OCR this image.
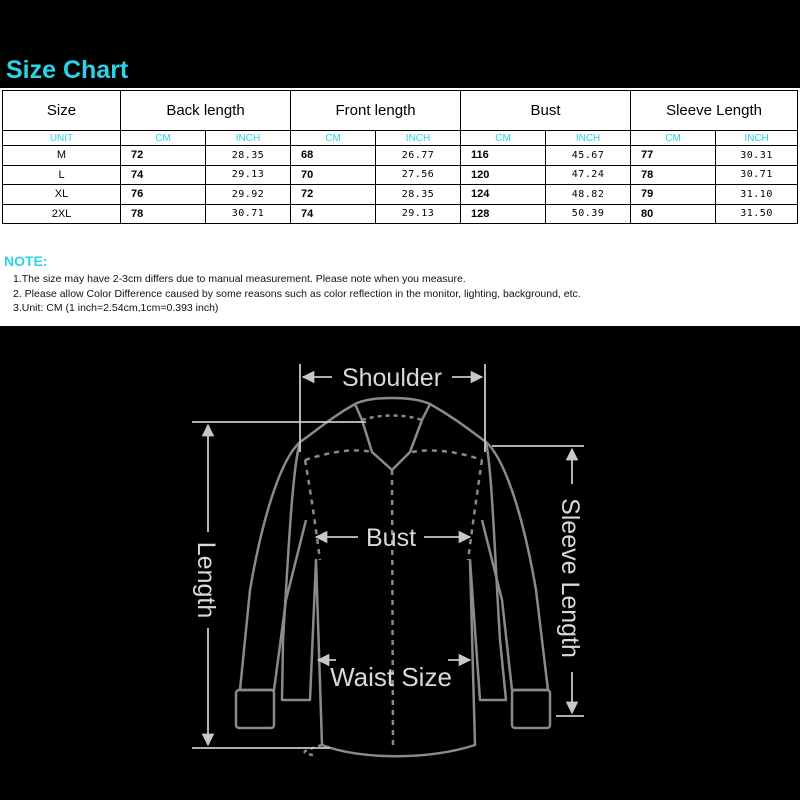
Size Chart
Size	Back length		Front length		Bust		Sleeve Length	
UNIT	CM	INCH	CM	INCH	CM	INCH	CM	INCH
M	72	28.35	68	26.77	116	45.67	77	30.31
L	74	29.13	70	27.56	120	47.24	78	30.71
XL	76	29.92	72	28.35	124	48.82	79	31.10
2XL	78	30.71	74	29.13	128	50.39	80	31.50
NOTE:
1.The size may have 2-3cm differs due to manual measurement. Please note when you measure.
2. Please allow Color Difference caused by some reasons such as color reflection in the monitor, lighting, background, etc.
3.Unit: CM (1 inch=2.54cm,1cm=0.393 inch)
Shoulder
Bust
Waist Size
Length	Sleeve Length
